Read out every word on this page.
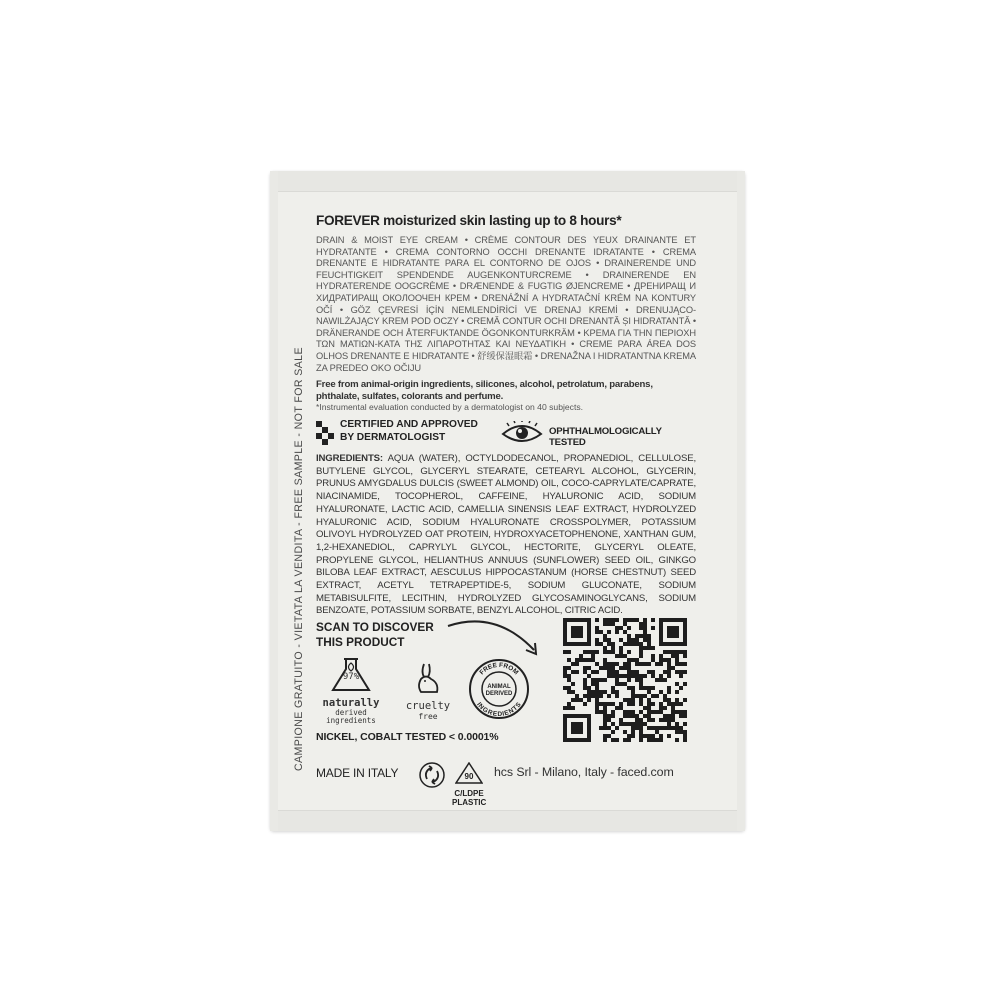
CAMPIONE GRATUITO - VIETATA LA VENDITA - FREE SAMPLE - NOT FOR SALE
FOREVER moisturized skin lasting up to 8 hours*
DRAIN & MOIST EYE CREAM • CRÈME CONTOUR DES YEUX DRAINANTE ET HYDRATANTE • CREMA CONTORNO OCCHI DRENANTE IDRATANTE • CREMA DRENANTE E HIDRATANTE PARA EL CONTORNO DE OJOS • DRAINERENDE UND FEUCHTIGKEIT SPENDENDE AUGENKONTURCREME • DRAINERENDE EN HYDRATERENDE OOGCRÈME • DRÆNENDE & FUGTIG ØJENCREME • ДРЕНИРАЩ И ХИДРАТИРАЩ ОКОЛООЧЕН КРЕМ • DRENÁŽNÍ A HYDRATAČNÍ KRÉM NA KONTURY OČÍ • GÖZ ÇEVRESİ İÇİN NEMLENDİRİCİ VE DRENAJ KREMİ • DRENUJĄCO-NAWILŻAJĄCY KREM POD OCZY • CREMĂ CONTUR OCHI DRENANTĂ ȘI HIDRATANTĂ • DRÄNERANDE OCH ÅTERFUKTANDE ÖGONKONTURKRÄM • ΚΡΕΜΑ ΓΙΑ ΤΗΝ ΠΕΡΙΟΧΗ ΤΩΝ ΜΑΤΙΩΝ-ΚΑΤΑ ΤΗΣ ΛΙΠΑΡΟΤΗΤΑΣ ΚΑΙ ΝΕΥΔΑΤΙΚΗ • CREME PARA ÁREA DOS OLHOS DRENANTE E HIDRATANTE • 舒缓保湿眼霜 • DRENAŽNA I HIDRATANTNA KREMA ZA PREDEO OKO OČIJU
Free from animal-origin ingredients, silicones, alcohol, petrolatum, parabens, phthalate, sulfates, colorants and perfume.
*Instrumental evaluation conducted by a dermatologist on 40 subjects.
CERTIFIED AND APPROVED
BY DERMATOLOGIST
OPHTHALMOLOGICALLY TESTED
INGREDIENTS: AQUA (WATER), OCTYLDODECANOL, PROPANEDIOL, CELLULOSE, BUTYLENE GLYCOL, GLYCERYL STEARATE, CETEARYL ALCOHOL, GLYCERIN, PRUNUS AMYGDALUS DULCIS (SWEET ALMOND) OIL, COCO-CAPRYLATE/CAPRATE, NIACINAMIDE, TOCOPHEROL, CAFFEINE, HYALURONIC ACID, SODIUM HYALURONATE, LACTIC ACID, CAMELLIA SINENSIS LEAF EXTRACT, HYDROLYZED HYALURONIC ACID, SODIUM HYALURONATE CROSSPOLYMER, POTASSIUM OLIVOYL HYDROLYZED OAT PROTEIN, HYDROXYACETOPHENONE, XANTHAN GUM, 1,2-HEXANEDIOL, CAPRYLYL GLYCOL, HECTORITE, GLYCERYL OLEATE, PROPYLENE GLYCOL, HELIANTHUS ANNUUS (SUNFLOWER) SEED OIL, GINKGO BILOBA LEAF EXTRACT, AESCULUS HIPPOCASTANUM (HORSE CHESTNUT) SEED EXTRACT, ACETYL TETRAPEPTIDE-5, SODIUM GLUCONATE, SODIUM METABISULFITE, LECITHIN, HYDROLYZED GLYCOSAMINOGLYCANS, SODIUM BENZOATE, POTASSIUM SORBATE, BENZYL ALCOHOL, CITRIC ACID.
SCAN TO DISCOVER
THIS PRODUCT
97%
naturally
derived
ingredients
cruelty
free
FREE FROM
ANIMAL
DERIVED
INGREDIENTS
NICKEL, COBALT TESTED < 0.0001%
MADE IN ITALY	90
C/LDPE
PLASTIC
hcs Srl - Milano, Italy - faced.com
